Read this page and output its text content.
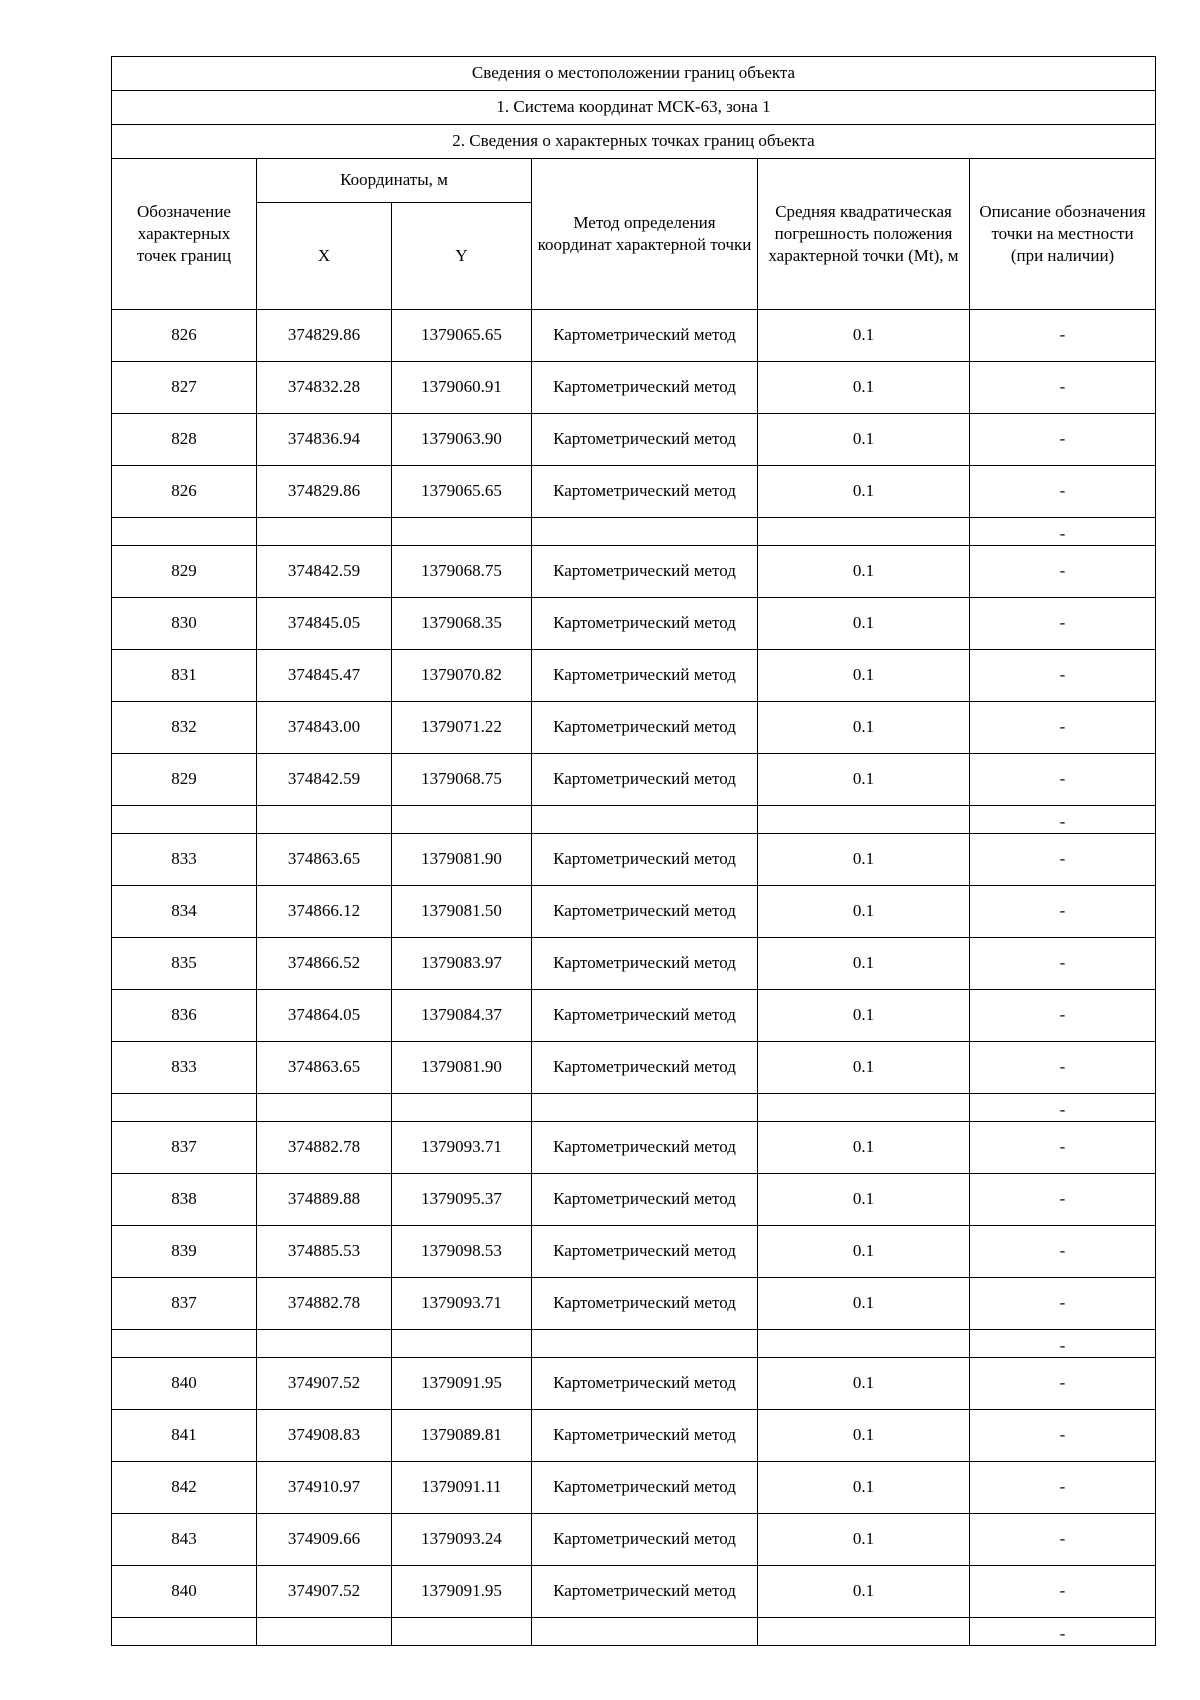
Сведения о местоположении границ объекта					
1. Система координат МСК-63, зона 1					
2. Сведения о характерных точках границ объекта					
Обозначение характерных точек границ	Координаты, м		Метод определения координат характерной точки	Средняя квадратическая погрешность положения характерной точки (Mt), м	Описание обозначения точки на местности (при наличии)
	X	Y			
826	374829.86	1379065.65	Картометрический метод	0.1	-
827	374832.28	1379060.91	Картометрический метод	0.1	-
828	374836.94	1379063.90	Картометрический метод	0.1	-
826	374829.86	1379065.65	Картометрический метод	0.1	-
					-
829	374842.59	1379068.75	Картометрический метод	0.1	-
830	374845.05	1379068.35	Картометрический метод	0.1	-
831	374845.47	1379070.82	Картометрический метод	0.1	-
832	374843.00	1379071.22	Картометрический метод	0.1	-
829	374842.59	1379068.75	Картометрический метод	0.1	-
					-
833	374863.65	1379081.90	Картометрический метод	0.1	-
834	374866.12	1379081.50	Картометрический метод	0.1	-
835	374866.52	1379083.97	Картометрический метод	0.1	-
836	374864.05	1379084.37	Картометрический метод	0.1	-
833	374863.65	1379081.90	Картометрический метод	0.1	-
					-
837	374882.78	1379093.71	Картометрический метод	0.1	-
838	374889.88	1379095.37	Картометрический метод	0.1	-
839	374885.53	1379098.53	Картометрический метод	0.1	-
837	374882.78	1379093.71	Картометрический метод	0.1	-
					-
840	374907.52	1379091.95	Картометрический метод	0.1	-
841	374908.83	1379089.81	Картометрический метод	0.1	-
842	374910.97	1379091.11	Картометрический метод	0.1	-
843	374909.66	1379093.24	Картометрический метод	0.1	-
840	374907.52	1379091.95	Картометрический метод	0.1	-
					-
